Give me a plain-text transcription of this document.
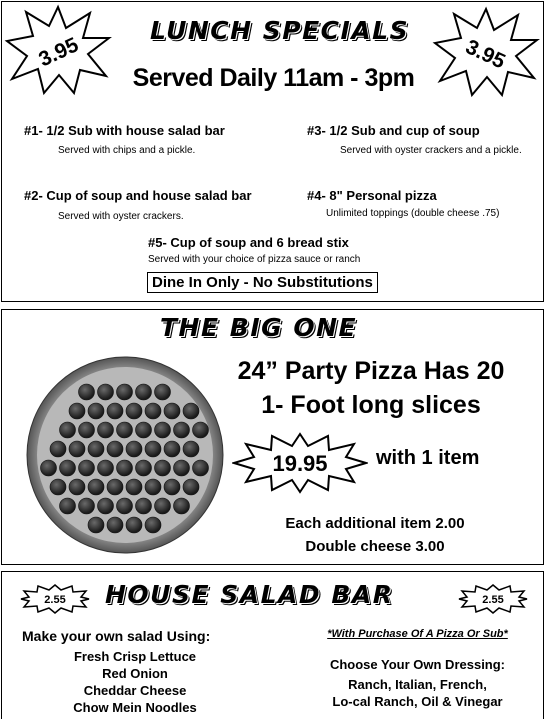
3.95	3.95
LUNCH SPECIALS
Served Daily 11am - 3pm
#1- 1/2 Sub with house salad bar
Served with chips and a pickle.
#2- Cup of soup and house salad bar
Served with oyster crackers.
#3- 1/2 Sub and cup of soup
Served with oyster crackers and a pickle.
#4- 8" Personal pizza
Unlimited toppings (double cheese .75)
#5- Cup of soup and 6 bread stix
Served with your choice of pizza sauce or ranch
Dine In Only - No Substitutions
THE BIG ONE
24” Party Pizza Has 20
1- Foot long slices
19.95 with 1 item
Each additional item 2.00
Double cheese 3.00
2.55	2.55
HOUSE SALAD BAR
Make your own salad Using:
Fresh Crisp Lettuce
Red Onion
Cheddar Cheese
Chow Mein Noodles
*With Purchase Of A Pizza Or Sub*
Choose Your Own Dressing:
Ranch, Italian, French,
Lo-cal Ranch, Oil & Vinegar
